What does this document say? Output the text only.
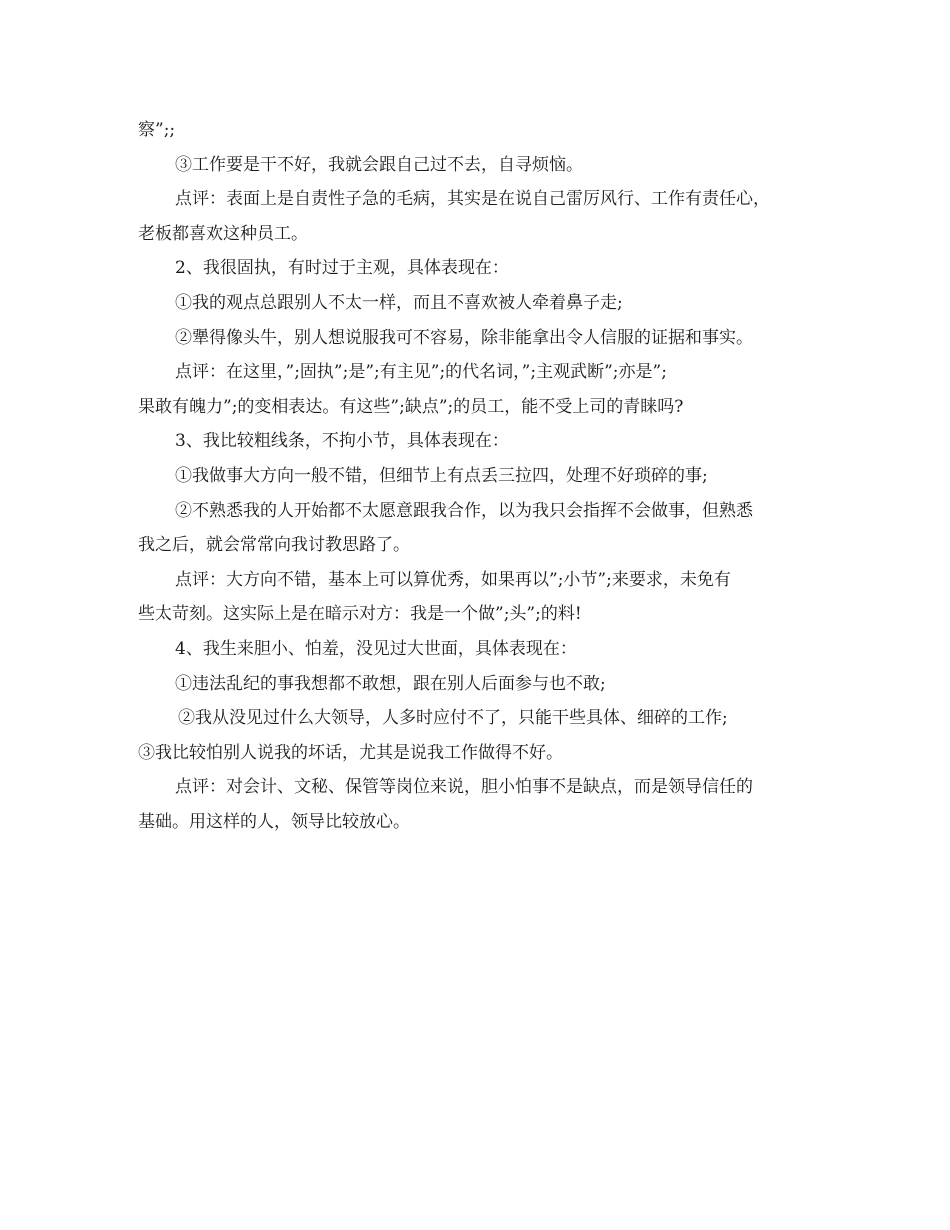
察”;;
③工作要是干不好，我就会跟自己过不去，自寻烦恼。
点评：表面上是自责性子急的毛病，其实是在说自己雷厉风行、工作有责任心，
老板都喜欢这种员工。
2、我很固执，有时过于主观，具体表现在：
①我的观点总跟别人不太一样，而且不喜欢被人牵着鼻子走;
②犟得像头牛，别人想说服我可不容易，除非能拿出令人信服的证据和事实。
点评：在这里，”;固执”;是”;有主见”;的代名词，”;主观武断”;亦是”;
果敢有魄力”;的变相表达。有这些”;缺点”;的员工，能不受上司的青睐吗?
3、我比较粗线条，不拘小节，具体表现在：
①我做事大方向一般不错，但细节上有点丢三拉四，处理不好琐碎的事;
②不熟悉我的人开始都不太愿意跟我合作，以为我只会指挥不会做事，但熟悉
我之后，就会常常向我讨教思路了。
点评：大方向不错，基本上可以算优秀，如果再以”;小节”;来要求，未免有
些太苛刻。这实际上是在暗示对方：我是一个做”;头”;的料!
4、我生来胆小、怕羞，没见过大世面，具体表现在：
①违法乱纪的事我想都不敢想，跟在别人后面参与也不敢;
②我从没见过什么大领导，人多时应付不了，只能干些具体、细碎的工作;
③我比较怕别人说我的坏话，尤其是说我工作做得不好。
点评：对会计、文秘、保管等岗位来说，胆小怕事不是缺点，而是领导信任的
基础。用这样的人，领导比较放心。
